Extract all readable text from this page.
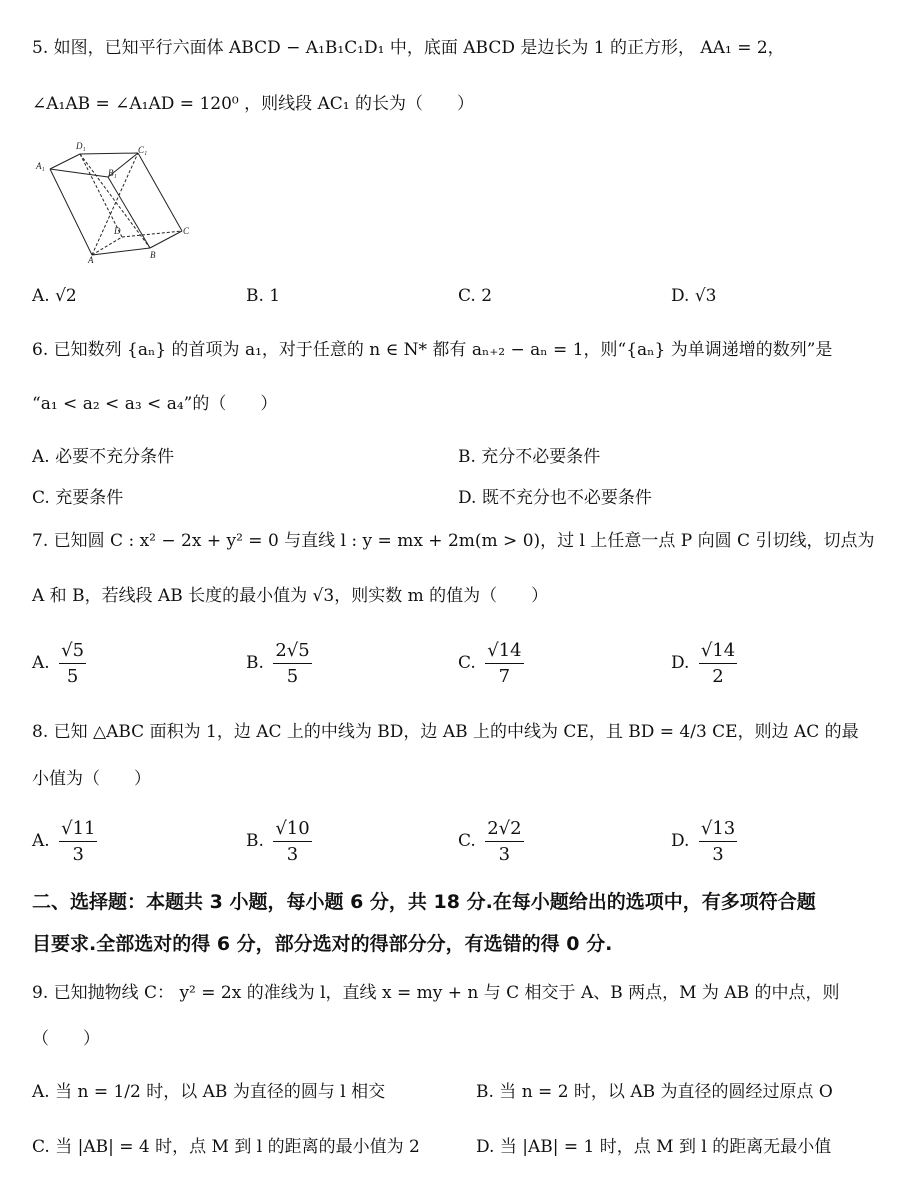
5. 如图，已知平行六面体 ABCD − A₁B₁C₁D₁ 中，底面 ABCD 是边长为 1 的正方形， AA₁ = 2，
∠A₁AB = ∠A₁AD = 120⁰ ，则线段 AC₁ 的长为（　　）
D₁	C₁
A₁
B₁
D	C
A	B
A. √2	B. 1	C. 2	D. √3
6. 已知数列 {aₙ} 的首项为 a₁，对于任意的 n ∈ N* 都有 aₙ₊₂ − aₙ = 1，则“{aₙ} 为单调递增的数列”是
“a₁ < a₂ < a₃ < a₄”的（　　）
A. 必要不充分条件	B. 充分不必要条件
C. 充要条件	D. 既不充分也不必要条件
7. 已知圆 C : x² − 2x + y² = 0 与直线 l : y = mx + 2m(m > 0)，过 l 上任意一点 P 向圆 C 引切线，切点为
A 和 B，若线段 AB 长度的最小值为 √3，则实数 m 的值为（　　）
A. $\frac{√5}{5}$	B. $\frac{2√5}{5}$	C. $\frac{√14}{7}$	D. $\frac{√14}{2}$
8. 已知 △ABC 面积为 1，边 AC 上的中线为 BD，边 AB 上的中线为 CE，且 BD = 4/3 CE，则边 AC 的最
小值为（　　）
A. $\frac{√11}{3}$	B. $\frac{√10}{3}$	C. $\frac{2√2}{3}$	D. $\frac{√13}{3}$
二、选择题：本题共 3 小题，每小题 6 分，共 18 分.在每小题给出的选项中，有多项符合题
目要求.全部选对的得 6 分，部分选对的得部分分，有选错的得 0 分.
9. 已知抛物线 C： y² = 2x 的准线为 l，直线 x = my + n 与 C 相交于 A、B 两点，M 为 AB 的中点，则
（　　）
A. 当 n = 1/2 时，以 AB 为直径的圆与 l 相交	B. 当 n = 2 时，以 AB 为直径的圆经过原点 O
C. 当 |AB| = 4 时，点 M 到 l 的距离的最小值为 2	D. 当 |AB| = 1 时，点 M 到 l 的距离无最小值
